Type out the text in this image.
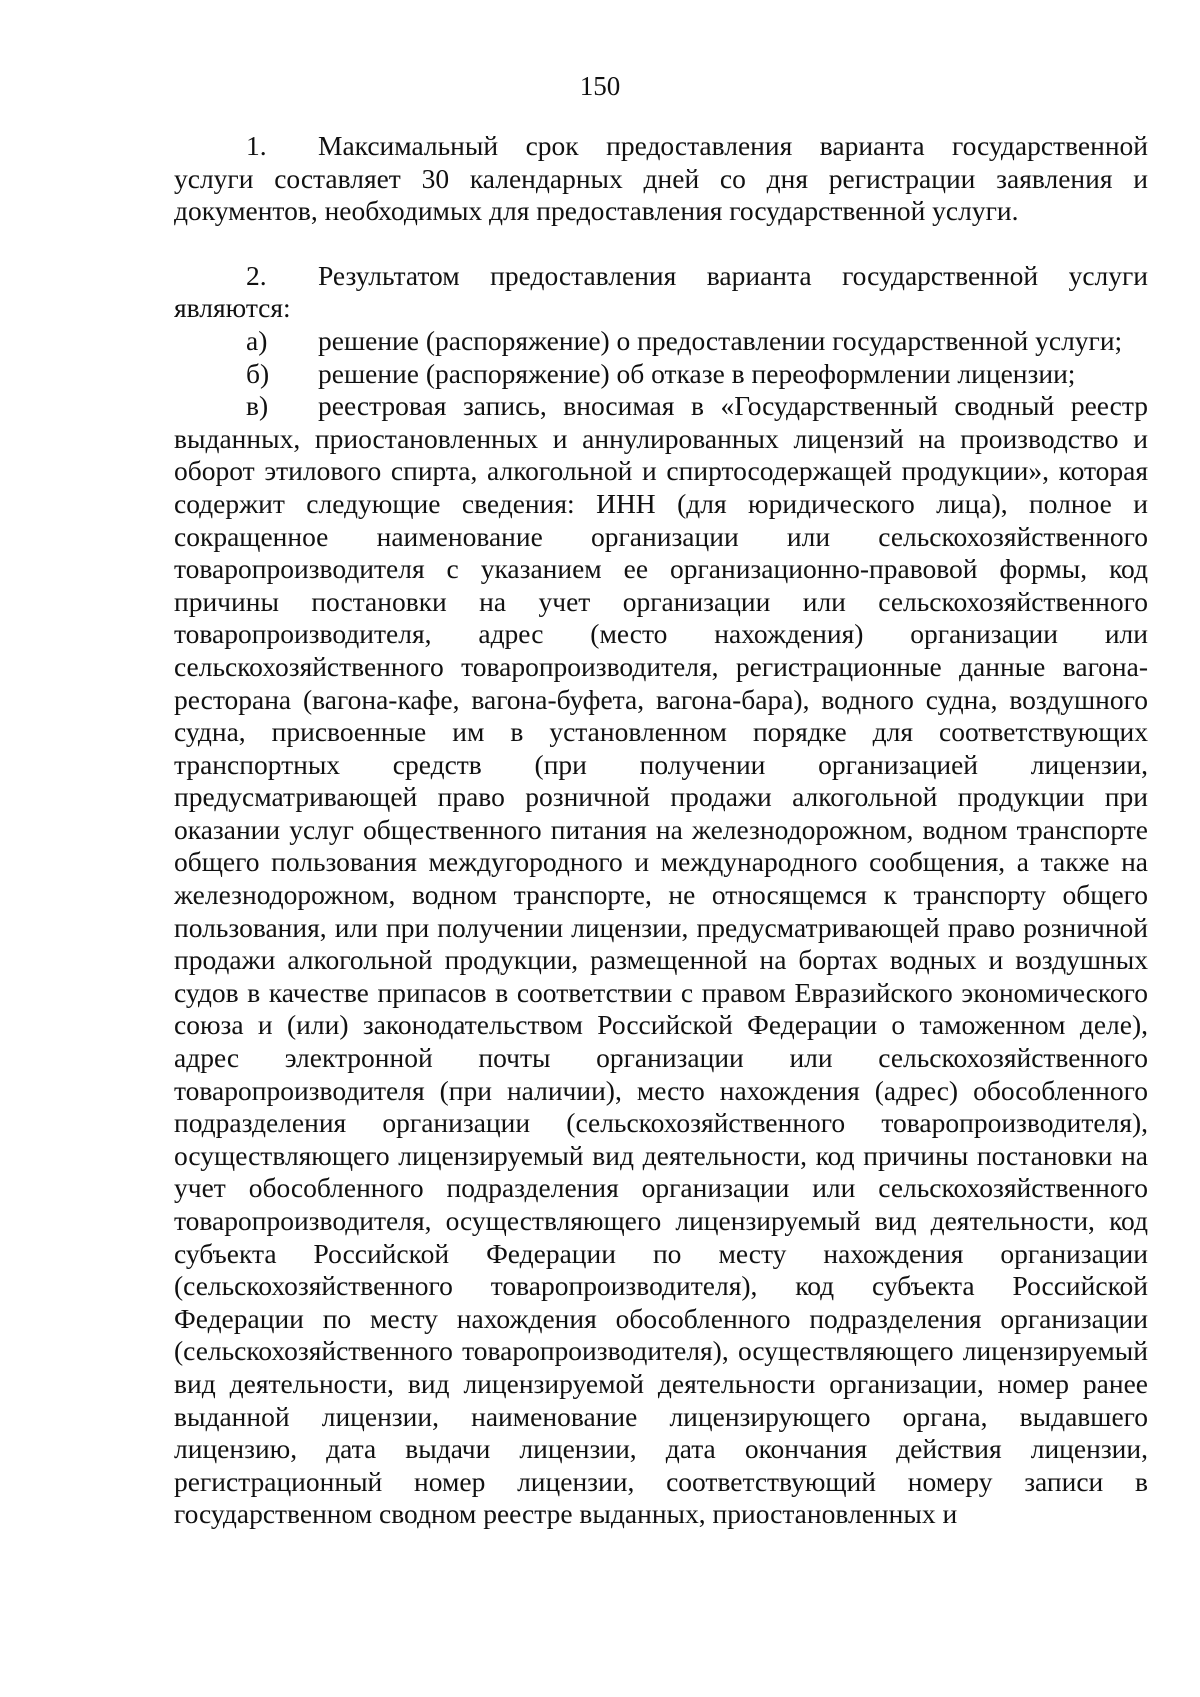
150

1. Максимальный срок предоставления варианта государственной услуги составляет 30 календарных дней со дня регистрации заявления и документов, необходимых для предоставления государственной услуги.

2. Результатом предоставления варианта государственной услуги являются:

а) решение (распоряжение) о предоставлении государственной услуги;

б) решение (распоряжение) об отказе в переоформлении лицензии;

в) реестровая запись, вносимая в «Государственный сводный реестр выданных, приостановленных и аннулированных лицензий на производство и оборот этилового спирта, алкогольной и спиртосодержащей продукции», которая содержит следующие сведения: ИНН (для юридического лица), полное и сокращенное наименование организации или сельскохозяйственного товаропроизводителя с указанием ее организационно-правовой формы, код причины постановки на учет организации или сельскохозяйственного товаропроизводителя, адрес (место нахождения) организации или сельскохозяйственного товаропроизводителя, регистрационные данные вагона-ресторана (вагона-кафе, вагона-буфета, вагона-бара), водного судна, воздушного судна, присвоенные им в установленном порядке для соответствующих транспортных средств (при получении организацией лицензии, предусматривающей право розничной продажи алкогольной продукции при оказании услуг общественного питания на железнодорожном, водном транспорте общего пользования междугородного и международного сообщения, а также на железнодорожном, водном транспорте, не относящемся к транспорту общего пользования, или при получении лицензии, предусматривающей право розничной продажи алкогольной продукции, размещенной на бортах водных и воздушных судов в качестве припасов в соответствии с правом Евразийского экономического союза и (или) законодательством Российской Федерации о таможенном деле), адрес электронной почты организации или сельскохозяйственного товаропроизводителя (при наличии), место нахождения (адрес) обособленного подразделения организации (сельскохозяйственного товаропроизводителя), осуществляющего лицензируемый вид деятельности, код причины постановки на учет обособленного подразделения организации или сельскохозяйственного товаропроизводителя, осуществляющего лицензируемый вид деятельности, код субъекта Российской Федерации по месту нахождения организации (сельскохозяйственного товаропроизводителя), код субъекта Российской Федерации по месту нахождения обособленного подразделения организации (сельскохозяйственного товаропроизводителя), осуществляющего лицензируемый вид деятельности, вид лицензируемой деятельности организации, номер ранее выданной лицензии, наименование лицензирующего органа, выдавшего лицензию, дата выдачи лицензии, дата окончания действия лицензии, регистрационный номер лицензии, соответствующий номеру записи в государственном сводном реестре выданных, приостановленных и
